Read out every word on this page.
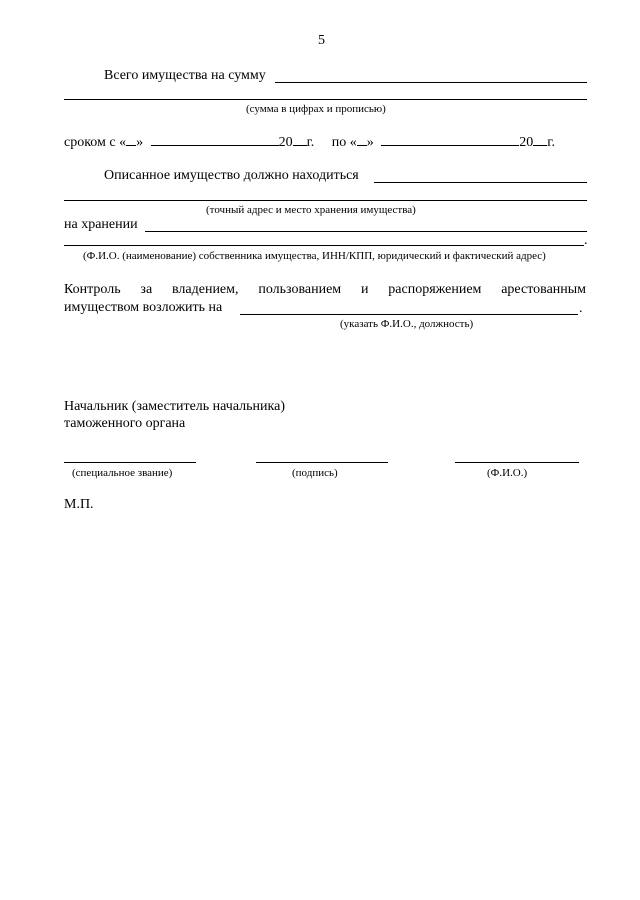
5
Всего имущества на сумму
(сумма в цифрах и прописью)
сроком с « »	20 г. по « »	20 г.
Описанное имущество должно находиться
(точный адрес и место хранения имущества)
на хранении
.
(Ф.И.О. (наименование) собственника имущества, ИНН/КПП, юридический и фактический адрес)
Контроль за владением, пользованием и распоряжением арестованным
имуществом возложить на	.
(указать Ф.И.О., должность)
Начальник (заместитель начальника)
таможенного органа
(специальное звание)	(подпись)	(Ф.И.О.)
М.П.
